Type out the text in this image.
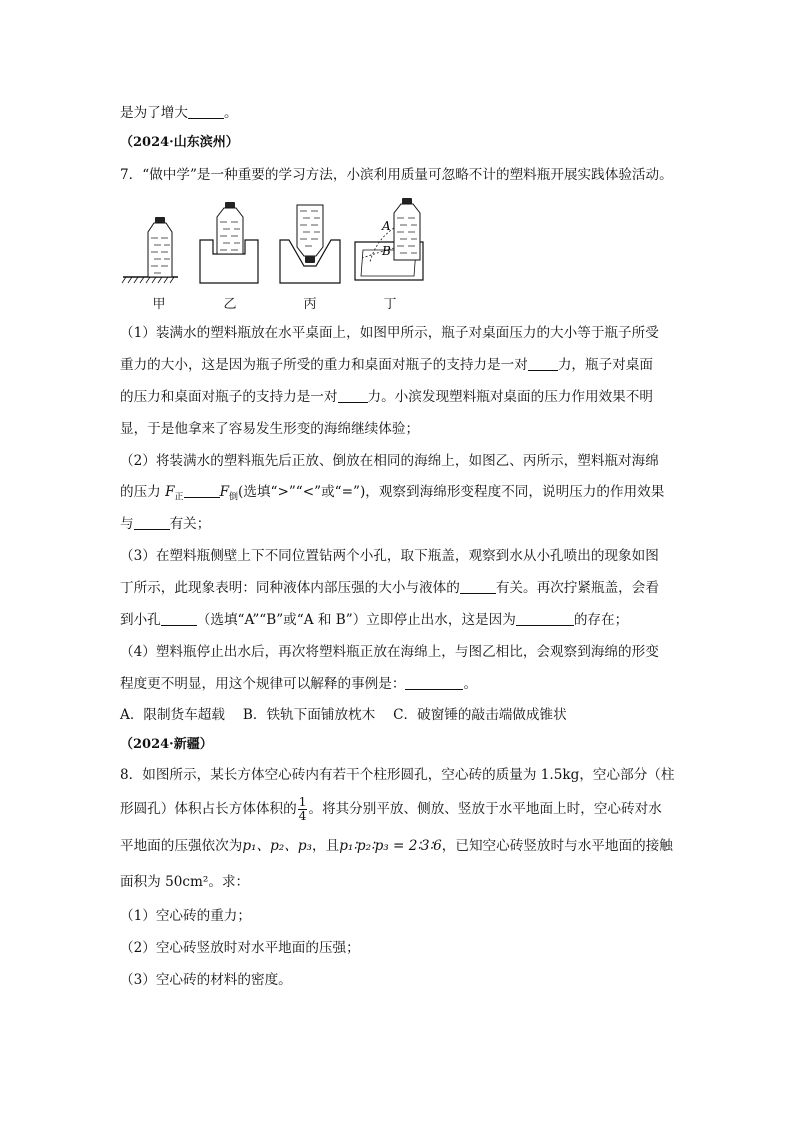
是为了增大	。
（2024·山东滨州）
7．“做中学”是一种重要的学习方法，小滨利用质量可忽略不计的塑料瓶开展实践体验活动。
A
B
甲	乙	丙	丁
（1）装满水的塑料瓶放在水平桌面上，如图甲所示，瓶子对桌面压力的大小等于瓶子所受
重力的大小，这是因为瓶子所受的重力和桌面对瓶子的支持力是一对 力，瓶子对桌面
的压力和桌面对瓶子的支持力是一对 力。小滨发现塑料瓶对桌面的压力作用效果不明
显，于是他拿来了容易发生形变的海绵继续体验；
（2）将装满水的塑料瓶先后正放、倒放在相同的海绵上，如图乙、丙所示，塑料瓶对海绵
的压力 $F_正$	$F_倒$(选填“>”“<”或“=”)，观察到海绵形变程度不同，说明压力的作用效果
与	有关；
（3）在塑料瓶侧壁上下不同位置钻两个小孔，取下瓶盖，观察到水从小孔喷出的现象如图
丁所示，此现象表明：同种液体内部压强的大小与液体的	有关。再次拧紧瓶盖，会看
到小孔	（选填“A”“B”或“A 和 B”）立即停止出水，这是因为	的存在；
（4）塑料瓶停止出水后，再次将塑料瓶正放在海绵上，与图乙相比，会观察到海绵的形变
程度更不明显，用这个规律可以解释的事例是：	。
A．限制货车超载　 B．铁轨下面铺放枕木　 C．破窗锤的敲击端做成锥状
（2024·新疆）
8．如图所示，某长方体空心砖内有若干个柱形圆孔，空心砖的质量为 1.5kg，空心部分（柱
形圆孔）体积占长方体体积的 $\frac{1}{4}$ 。将其分别平放、侧放、竖放于水平地面上时，空心砖对水
平地面的压强依次为p₁、p₂、p₃，且p₁∶p₂∶p₃ = 2∶3∶6，已知空心砖竖放时与水平地面的接触
面积为 50cm²。求：
（1）空心砖的重力；
（2）空心砖竖放时对水平地面的压强；
（3）空心砖的材料的密度。
